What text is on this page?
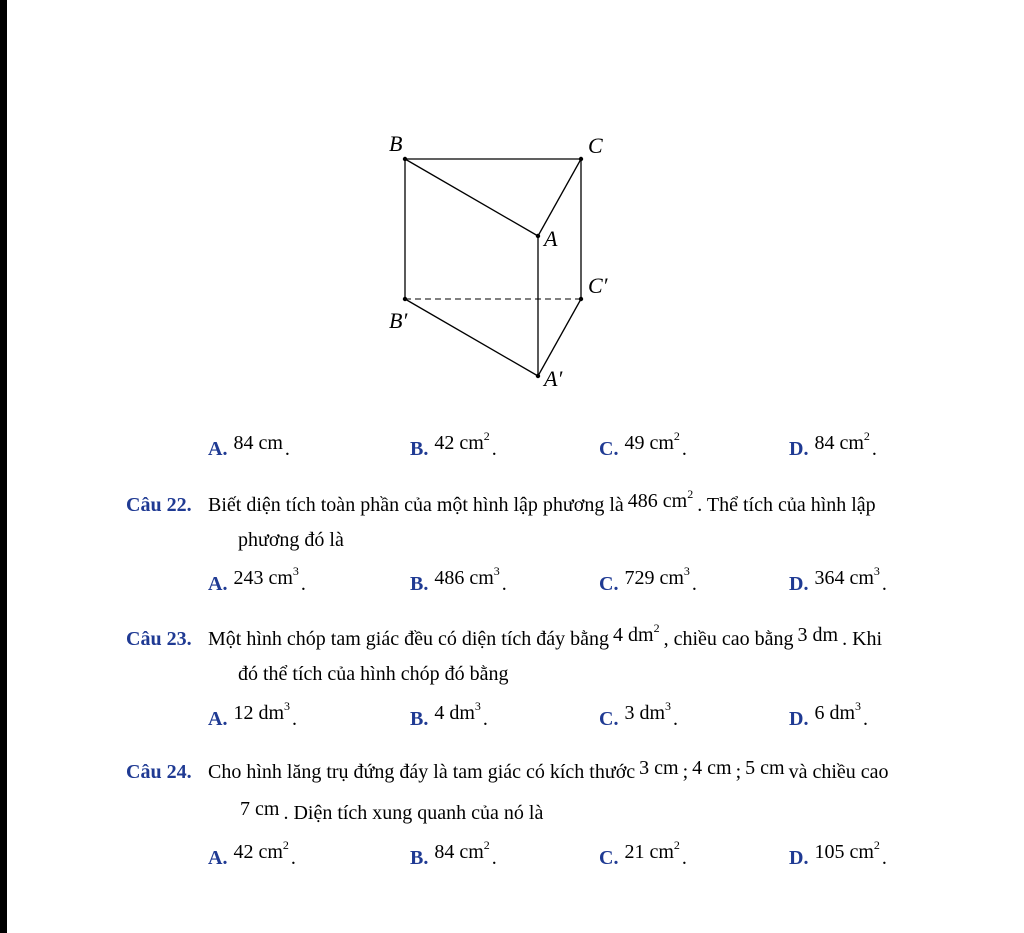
B	C
A
C′
B′
A′
A. 84 cm .	B. 42 $cm^2$.	C. 49 $cm^2$.	D. 84 $cm^2$.
Câu 22. Biết diện tích toàn phần của một hình lập phương là 486 $cm^2$ . Thể tích của hình lập
phương đó là
A. 243 $cm^3$.	B. 486 $cm^3$.	C. 729 $cm^3$.	D. 364 $cm^3$.
Câu 23. Một hình chóp tam giác đều có diện tích đáy bằng 4 $dm^2$ , chiều cao bằng 3 dm . Khi
đó thể tích của hình chóp đó bằng
A. 12 $dm^3$.	B. 4 $dm^3$.	C. 3 $dm^3$.	D. 6 $dm^3$.
Câu 24. Cho hình lăng trụ đứng đáy là tam giác có kích thước 3 cm ; 4 cm ; 5 cm và chiều cao
7 cm . Diện tích xung quanh của nó là
A. 42 $cm^2$.	B. 84 $cm^2$.	C. 21 $cm^2$.	D. 105 $cm^2$.
